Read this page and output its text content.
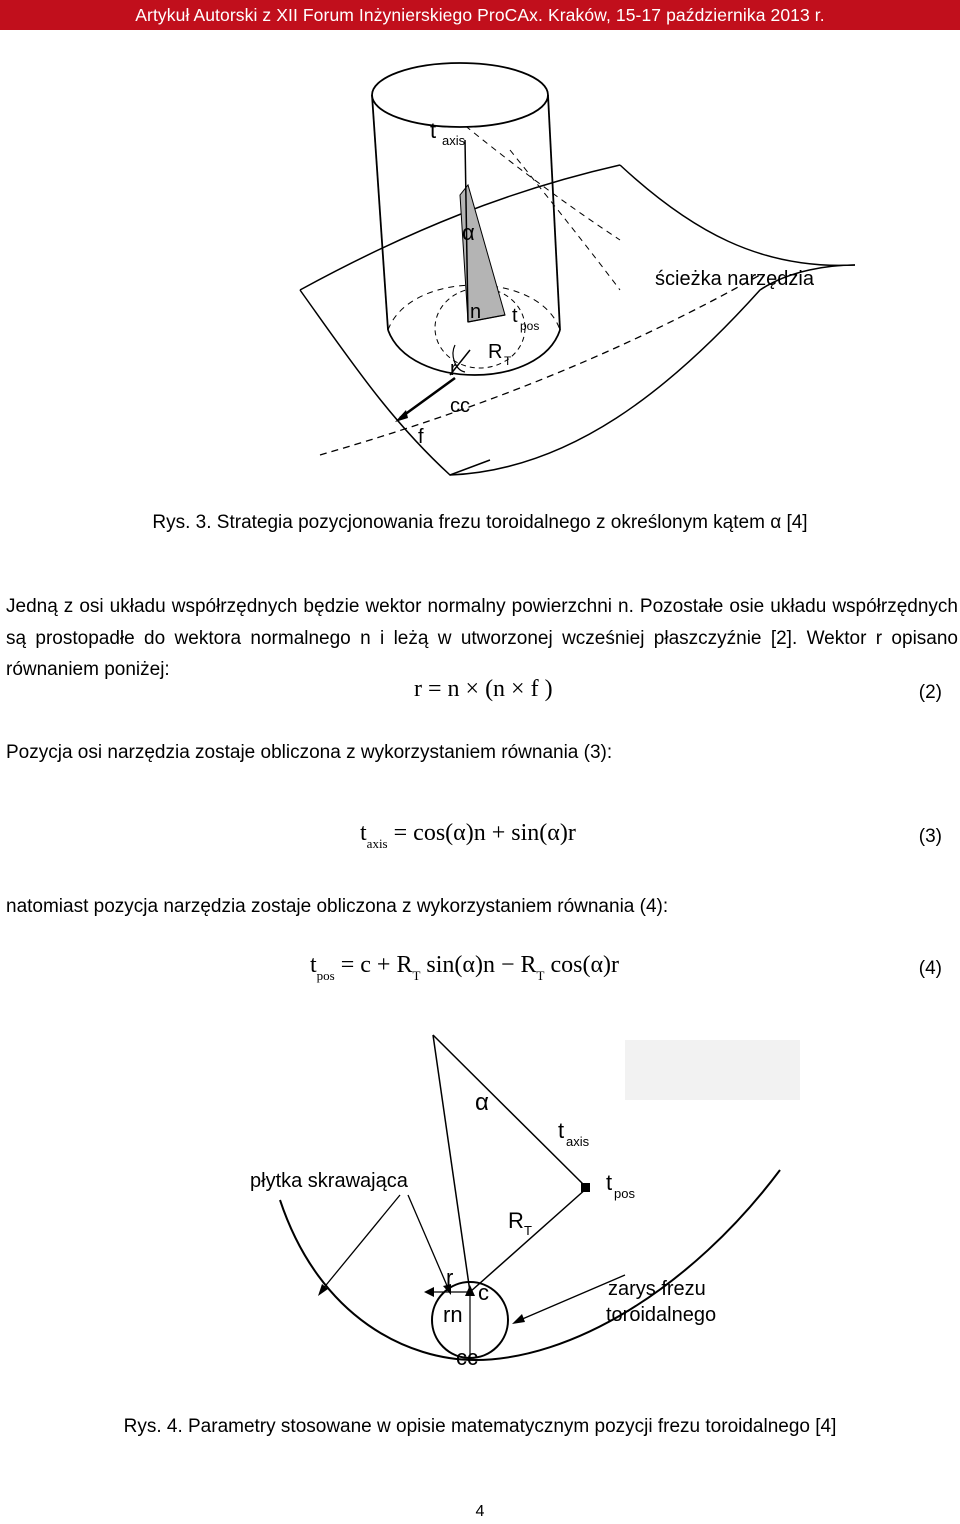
Artykuł Autorski z XII Forum Inżynierskiego ProCAx. Kraków, 15-17 października 2013 r.
t axis
α
ścieżka narzędzia
n t pos
R T
r
cc
f
Rys. 3. Strategia pozycjonowania frezu toroidalnego z określonym kątem α [4]
Jedną z osi układu współrzędnych będzie wektor normalny powierzchni n. Pozostałe osie układu współrzędnych są prostopadłe do wektora normalnego n i leżą w utworzonej wcześniej płaszczyźnie [2]. Wektor r opisano równaniem poniżej:
r = n × (n × f )	(2)
Pozycja osi narzędzia zostaje obliczona z wykorzystaniem równania (3):
$t_{axis} = \cos(\alpha)n + \sin(\alpha)r$	(3)
natomiast pozycja narzędzia zostaje obliczona z wykorzystaniem równania (4):
$t_{pos} = c + R_T$ $\sin(\alpha)n - R_T$ cos(α)r	(4)
α
t axis
t pos
płytka skrawająca
R T
r
c
rn
cc
zarys frezu
toroidalnego
Rys. 4. Parametry stosowane w opisie matematycznym pozycji frezu toroidalnego [4]
4
